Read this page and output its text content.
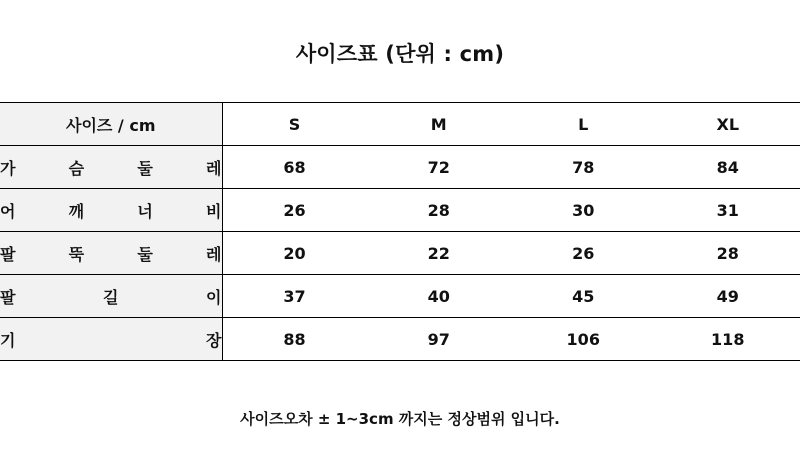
사이즈표 (단위 : cm)
사이즈 / cm	S	M	L	XL

가 슴 둘 레	68	72	78	84

어 깨 너 비	26	28	30	31

팔 뚝 둘 레	20	22	26	28

팔 길 이	37	40	45	49

기 장	88	97	106	118
사이즈오차 ± 1~3cm 까지는 정상범위 입니다.
